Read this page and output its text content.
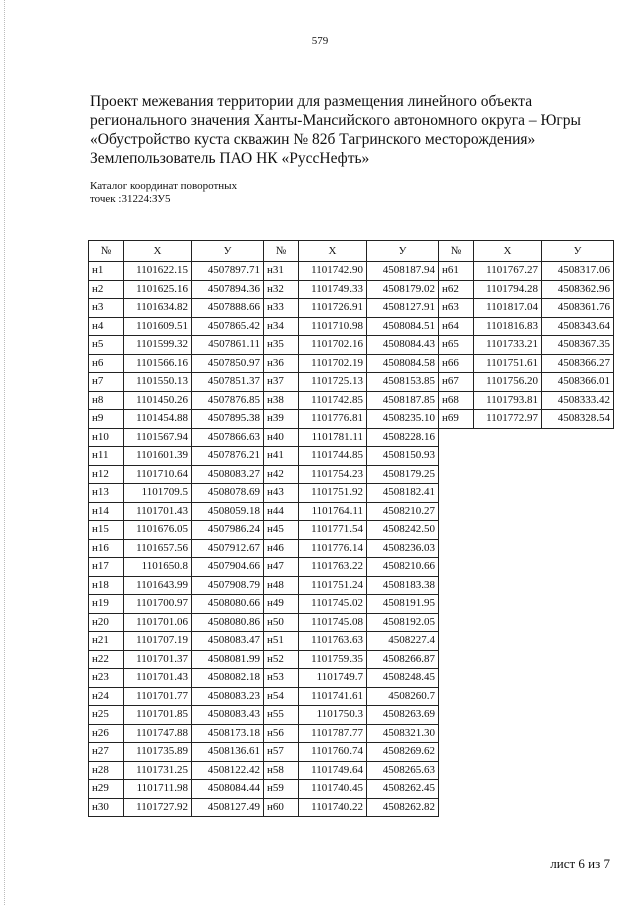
579
Проект межевания территории для размещения линейного объекта
регионального значения Ханты-Мансийского автономного округа – Югры
«Обустройство куста скважин № 82б Тагринского месторождения»
Землепользователь ПАО НК «РуссНефть»
Каталог координат поворотных
точек :31224:ЗУ5
№	X	У	№	X	У	№	X	У
н1	1101622.15	4507897.71	н31	1101742.90	4508187.94	н61	1101767.27	4508317.06
н2	1101625.16	4507894.36	н32	1101749.33	4508179.02	н62	1101794.28	4508362.96
н3	1101634.82	4507888.66	н33	1101726.91	4508127.91	н63	1101817.04	4508361.76
н4	1101609.51	4507865.42	н34	1101710.98	4508084.51	н64	1101816.83	4508343.64
н5	1101599.32	4507861.11	н35	1101702.16	4508084.43	н65	1101733.21	4508367.35
н6	1101566.16	4507850.97	н36	1101702.19	4508084.58	н66	1101751.61	4508366.27
н7	1101550.13	4507851.37	н37	1101725.13	4508153.85	н67	1101756.20	4508366.01
н8	1101450.26	4507876.85	н38	1101742.85	4508187.85	н68	1101793.81	4508333.42
н9	1101454.88	4507895.38	н39	1101776.81	4508235.10	н69	1101772.97	4508328.54
н10	1101567.94	4507866.63	н40	1101781.11	4508228.16			
н11	1101601.39	4507876.21	н41	1101744.85	4508150.93			
н12	1101710.64	4508083.27	н42	1101754.23	4508179.25			
н13	1101709.5	4508078.69	н43	1101751.92	4508182.41			
н14	1101701.43	4508059.18	н44	1101764.11	4508210.27			
н15	1101676.05	4507986.24	н45	1101771.54	4508242.50			
н16	1101657.56	4507912.67	н46	1101776.14	4508236.03			
н17	1101650.8	4507904.66	н47	1101763.22	4508210.66			
н18	1101643.99	4507908.79	н48	1101751.24	4508183.38			
н19	1101700.97	4508080.66	н49	1101745.02	4508191.95			
н20	1101701.06	4508080.86	н50	1101745.08	4508192.05			
н21	1101707.19	4508083.47	н51	1101763.63	4508227.4			
н22	1101701.37	4508081.99	н52	1101759.35	4508266.87			
н23	1101701.43	4508082.18	н53	1101749.7	4508248.45			
н24	1101701.77	4508083.23	н54	1101741.61	4508260.7			
н25	1101701.85	4508083.43	н55	1101750.3	4508263.69			
н26	1101747.88	4508173.18	н56	1101787.77	4508321.30			
н27	1101735.89	4508136.61	н57	1101760.74	4508269.62			
н28	1101731.25	4508122.42	н58	1101749.64	4508265.63			
н29	1101711.98	4508084.44	н59	1101740.45	4508262.45			
н30	1101727.92	4508127.49	н60	1101740.22	4508262.82			
лист 6 из 7
